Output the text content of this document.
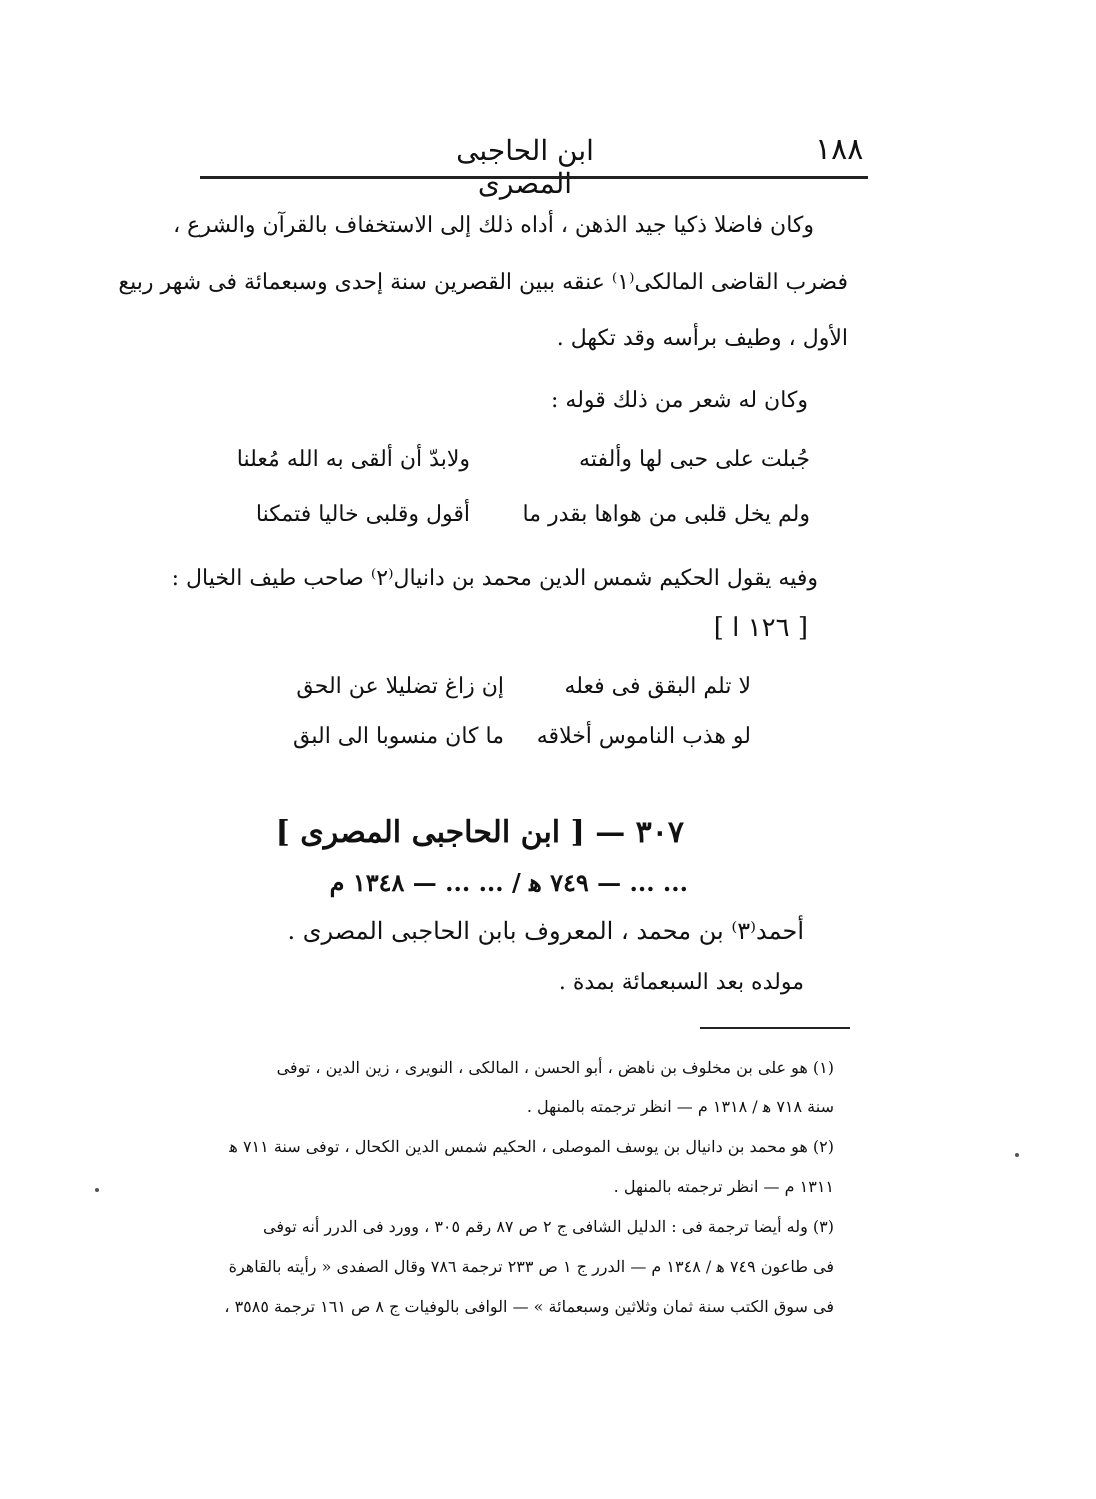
١٨٨
ابن الحاجبى المصرى
وكان فاضلا ذكيا جيد الذهن ، أداه ذلك إلى الاستخفاف بالقرآن والشرع ،
فضرب القاضى المالكى⁽١⁾ عنقه ببين القصرين سنة إحدى وسبعمائة فى شهر ربيع
الأول ، وطيف برأسه وقد تكهل .
وكان له شعر من ذلك قوله :
جُبلت على حبى لها وألفته
ولابدّ أن ألقى به الله مُعلنا
ولم يخل قلبى من هواها بقدر ما
أقول وقلبى خاليا فتمكنا
وفيه يقول الحكيم شمس الدين محمد بن دانيال⁽٢⁾ صاحب طيف الخيال :
[ ١٢٦ ا ]
لا تلم البقق فى فعله
إن زاغ تضليلا عن الحق
لو هذب الناموس أخلاقه
ما كان منسوبا الى البق
٣٠٧ — [ ابن الحاجبى المصرى ]
... ... — ٧٤٩ ﻫ / ... ... — ١٣٤٨ م
أحمد⁽٣⁾ بن محمد ، المعروف بابن الحاجبى المصرى .
مولده بعد السبعمائة بمدة .
(١) هو على بن مخلوف بن ناهض ، أبو الحسن ، المالكى ، النويرى ، زين الدين ، توفى
سنة ٧١٨ ﻫ / ١٣١٨ م — انظر ترجمته بالمنهل .
(٢) هو محمد بن دانيال بن يوسف الموصلى ، الحكيم شمس الدين الكحال ، توفى سنة ٧١١ ﻫ
١٣١١ م — انظر ترجمته بالمنهل .
(٣) وله أيضا ترجمة فى : الدليل الشافى ج ٢ ص ٨٧ رقم ٣٠٥ ، وورد فى الدرر أنه توفى
فى طاعون ٧٤٩ ﻫ / ١٣٤٨ م — الدرر ج ١ ص ٢٣٣ ترجمة ٧٨٦ وقال الصفدى « رأيته بالقاهرة
فى سوق الكتب سنة ثمان وثلاثين وسبعمائة » — الوافى بالوفيات ج ٨ ص ١٦١ ترجمة ٣٥٨٥ ،
